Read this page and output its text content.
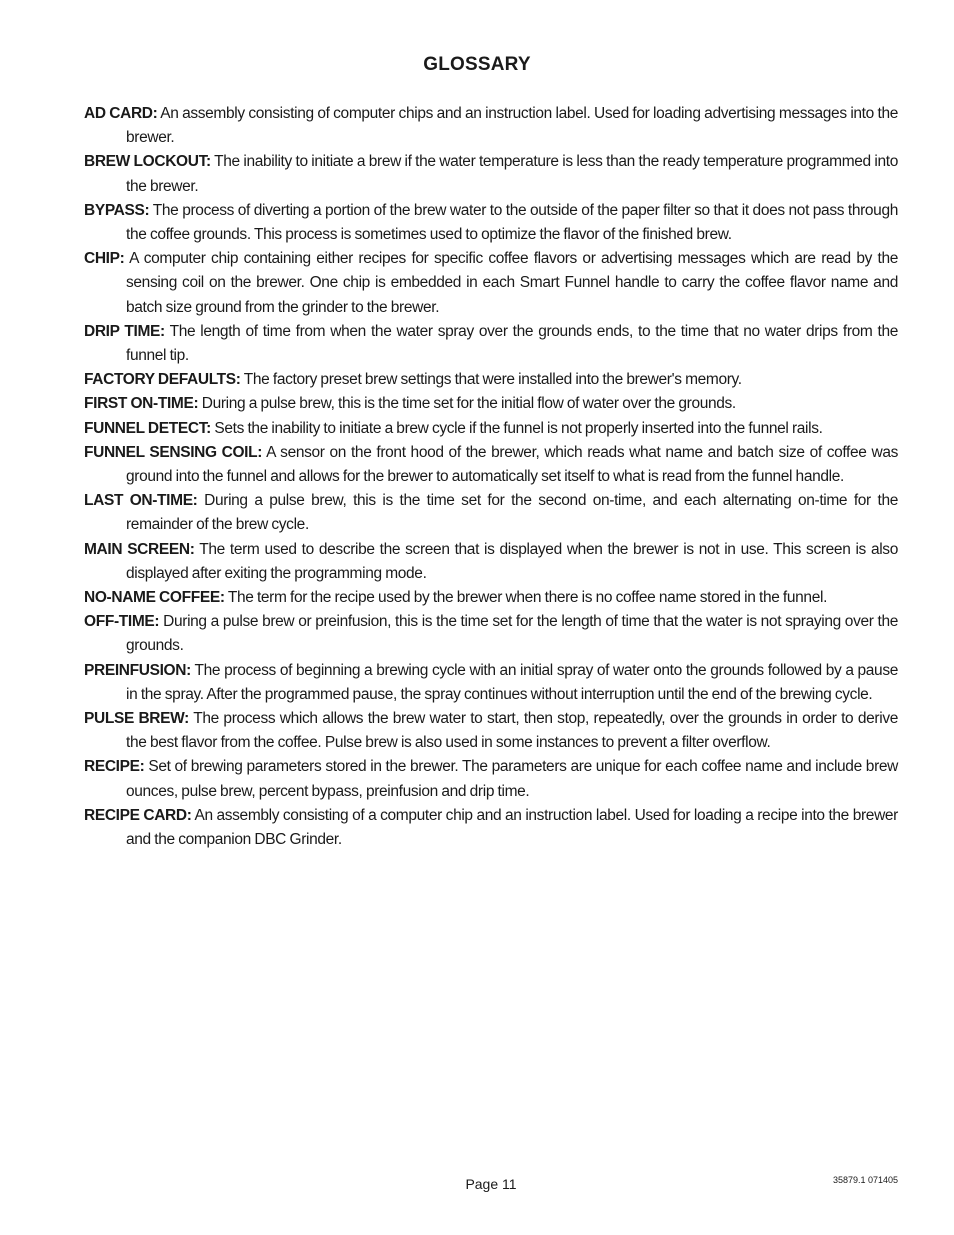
GLOSSARY
AD CARD: An assembly consisting of computer chips and an instruction label. Used for loading advertising messages into the brewer.
BREW LOCKOUT: The inability to initiate a brew if the water temperature is less than the ready temperature programmed into the brewer.
BYPASS: The process of diverting a portion of the brew water to the outside of the paper filter so that it does not pass through the coffee grounds. This process is sometimes used to optimize the flavor of the finished brew.
CHIP: A computer chip containing either recipes for specific coffee flavors or advertising messages which are read by the sensing coil on the brewer. One chip is embedded in each Smart Funnel handle to carry the coffee flavor name and batch size ground from the grinder to the brewer.
DRIP TIME: The length of time from when the water spray over the grounds ends, to the time that no water drips from the funnel tip.
FACTORY DEFAULTS: The factory preset brew settings that were installed into the brewer's memory.
FIRST ON-TIME: During a pulse brew, this is the time set for the initial flow of water over the grounds.
FUNNEL DETECT: Sets the inability to initiate a brew cycle if the funnel is not properly inserted into the funnel rails.
FUNNEL SENSING COIL: A sensor on the front hood of the brewer, which reads what name and batch size of coffee was ground into the funnel and allows for the brewer to automatically set itself to what is read from the funnel handle.
LAST ON-TIME: During a pulse brew, this is the time set for the second on-time, and each alternating on-time for the remainder of the brew cycle.
MAIN SCREEN: The term used to describe the screen that is displayed when the brewer is not in use. This screen is also displayed after exiting the programming mode.
NO-NAME COFFEE: The term for the recipe used by the brewer when there is no coffee name stored in the funnel.
OFF-TIME: During a pulse brew or preinfusion, this is the time set for the length of time that the water is not spraying over the grounds.
PREINFUSION: The process of beginning a brewing cycle with an initial spray of water onto the grounds followed by a pause in the spray. After the programmed pause, the spray continues without interruption until the end of the brewing cycle.
PULSE BREW: The process which allows the brew water to start, then stop, repeatedly, over the grounds in order to derive the best flavor from the coffee. Pulse brew is also used in some instances to prevent a filter overflow.
RECIPE: Set of brewing parameters stored in the brewer. The parameters are unique for each coffee name and include brew ounces, pulse brew, percent bypass, preinfusion and drip time.
RECIPE CARD: An assembly consisting of a computer chip and an instruction label. Used for loading a recipe into the brewer and the companion DBC Grinder.
Page 11	35879.1 071405
